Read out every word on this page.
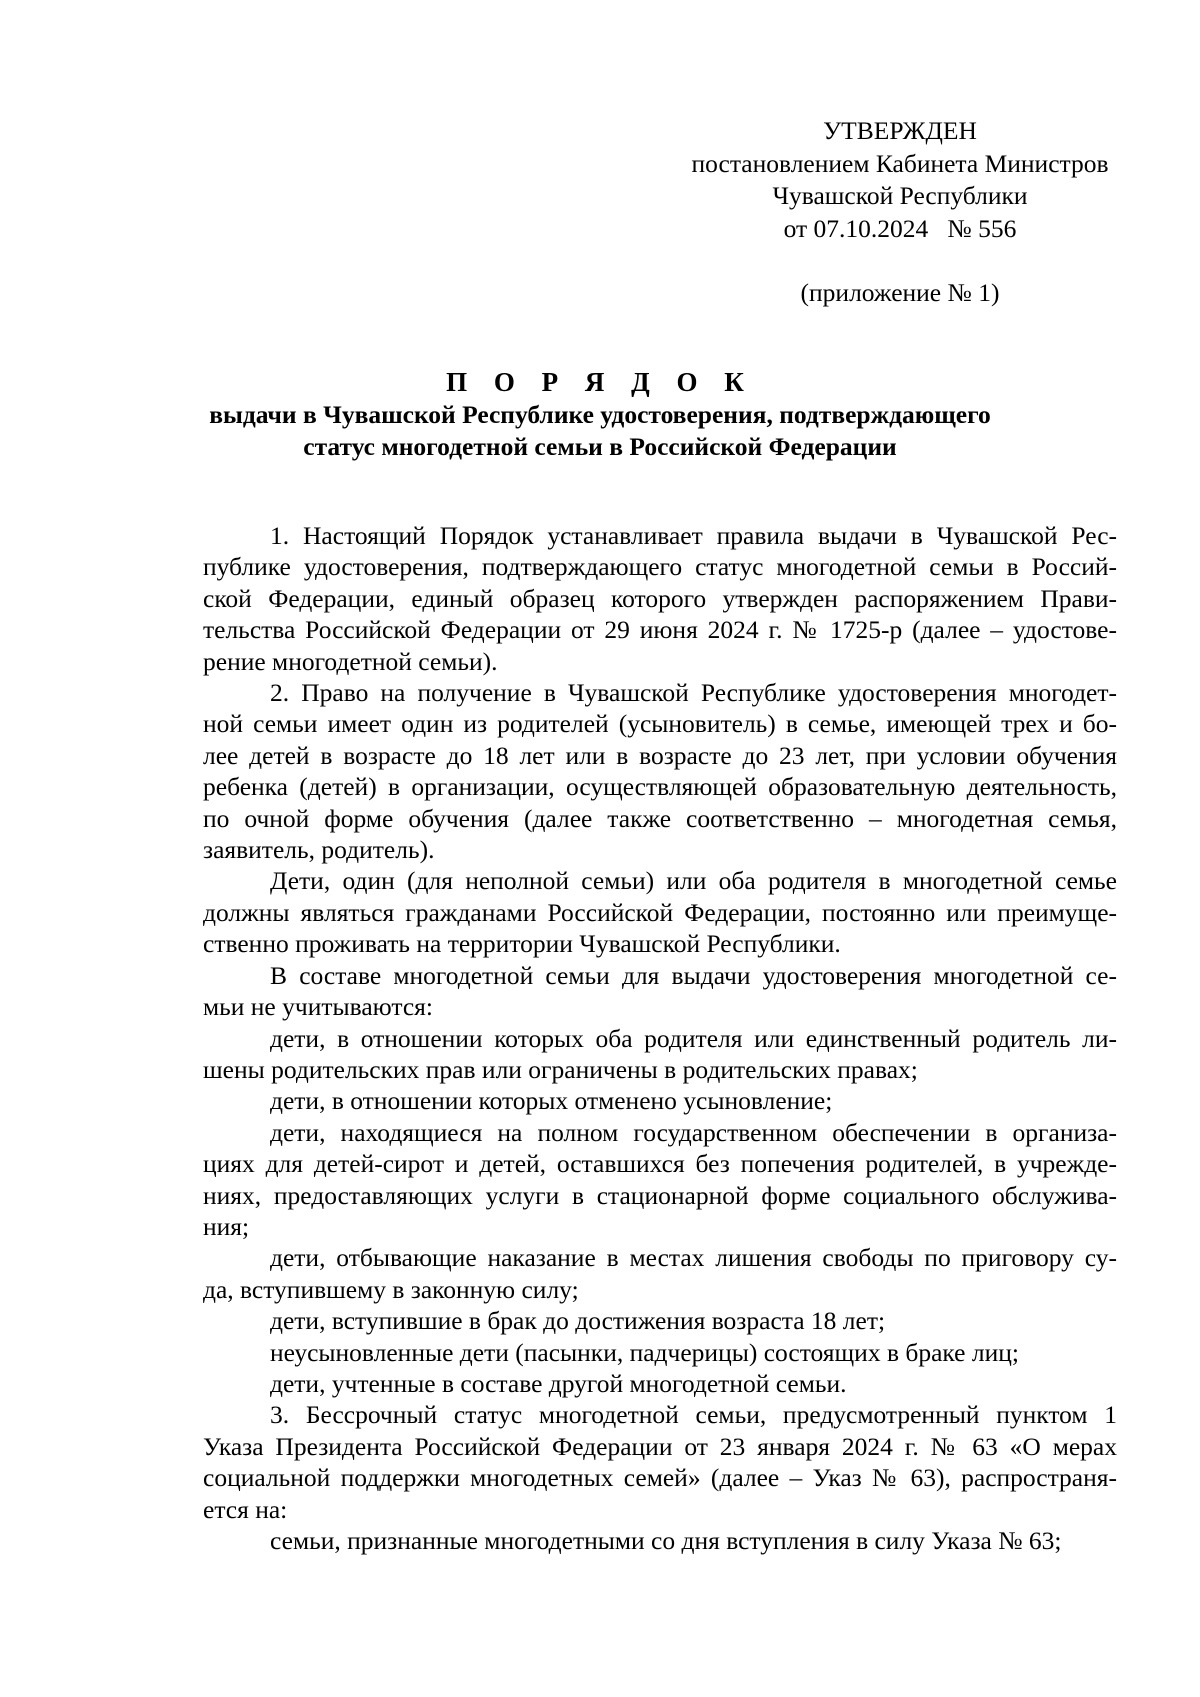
УТВЕРЖДЕН
постановлением Кабинета Министров
Чувашской Республики
от 07.10.2024   № 556
(приложение № 1)
П О Р Я Д О К
выдачи в Чувашской Республике удостоверения, подтверждающего
статус многодетной семьи в Российской Федерации
1. Настоящий Порядок устанавливает правила выдачи в Чувашской Рес-
публике удостоверения, подтверждающего статус многодетной семьи в Россий-
ской Федерации, единый образец которого утвержден распоряжением Прави-
тельства Российской Федерации от 29 июня 2024 г. № 1725-р (далее – удостове-
рение многодетной семьи).
2. Право на получение в Чувашской Республике удостоверения многодет-
ной семьи имеет один из родителей (усыновитель) в семье, имеющей трех и бо-
лее детей в возрасте до 18 лет или в возрасте до 23 лет, при условии обучения
ребенка (детей) в организации, осуществляющей образовательную деятельность,
по очной форме обучения (далее также соответственно – многодетная семья,
заявитель, родитель).
Дети, один (для неполной семьи) или оба родителя в многодетной семье
должны являться гражданами Российской Федерации, постоянно или преимуще-
ственно проживать на территории Чувашской Республики.
В составе многодетной семьи для выдачи удостоверения многодетной се-
мьи не учитываются:
дети, в отношении которых оба родителя или единственный родитель ли-
шены родительских прав или ограничены в родительских правах;
дети, в отношении которых отменено усыновление;
дети, находящиеся на полном государственном обеспечении в организа-
циях для детей-сирот и детей, оставшихся без попечения родителей, в учрежде-
ниях, предоставляющих услуги в стационарной форме социального обслужива-
ния;
дети, отбывающие наказание в местах лишения свободы по приговору су-
да, вступившему в законную силу;
дети, вступившие в брак до достижения возраста 18 лет;
неусыновленные дети (пасынки, падчерицы) состоящих в браке лиц;
дети, учтенные в составе другой многодетной семьи.
3. Бессрочный статус многодетной семьи, предусмотренный пунктом 1
Указа Президента Российской Федерации от 23 января 2024 г. № 63 «О мерах
социальной поддержки многодетных семей» (далее – Указ № 63), распространя-
ется на:
семьи, признанные многодетными со дня вступления в силу Указа № 63;
